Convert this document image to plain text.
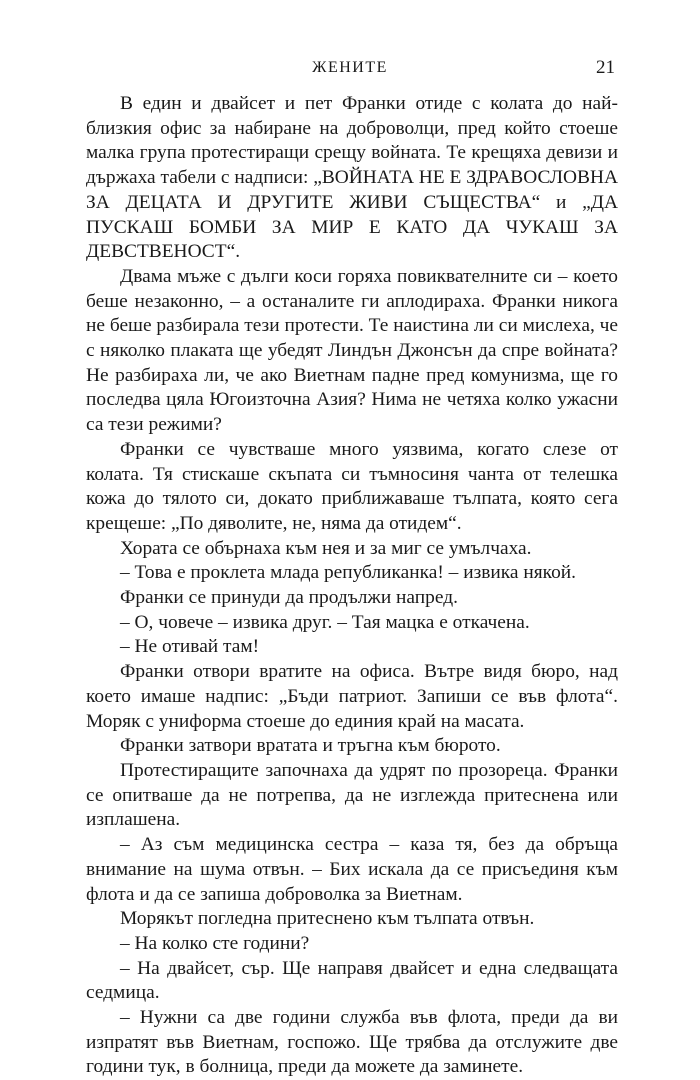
ЖЕНИТЕ	21

В един и двайсет и пет Франки отиде с колата до най-близкия офис за набиране на доброволци, пред който стоеше малка група протестиращи срещу войната. Те крещяха девизи и държаха табели с надписи: „ВОЙНАТА НЕ Е ЗДРАВОСЛОВНА ЗА ДЕЦАТА И ДРУГИТЕ ЖИВИ СЪЩЕСТВА“ и „ДА ПУСКАШ БОМБИ ЗА МИР Е КАТО ДА ЧУКАШ ЗА ДЕВСТВЕНОСТ“.

Двама мъже с дълги коси горяха повиквателните си – което беше незаконно, – а останалите ги аплодираха. Франки никога не беше разбирала тези протести. Те наистина ли си мислеха, че с няколко плаката ще убедят Линдън Джонсън да спре войната? Не разбираха ли, че ако Виетнам падне пред комунизма, ще го последва цяла Югоизточна Азия? Нима не четяха колко ужасни са тези режими?

Франки се чувстваше много уязвима, когато слезе от колата. Тя стискаше скъпата си тъмносиня чанта от телешка кожа до тялото си, докато приближаваше тълпата, която сега крещеше: „По дяволите, не, няма да отидем“.

Хората се обърнаха към нея и за миг се умълчаха.

– Това е проклета млада републиканка! – извика някой.

Франки се принуди да продължи напред.

– О, човече – извика друг. – Тая мацка е откачена.

– Не отивай там!

Франки отвори вратите на офиса. Вътре видя бюро, над което имаше надпис: „Бъди патриот. Запиши се във флота“. Моряк с униформа стоеше до единия край на масата.

Франки затвори вратата и тръгна към бюрото.

Протестиращите започнаха да удрят по прозореца. Франки се опитваше да не потрепва, да не изглежда притеснена или изплашена.

– Аз съм медицинска сестра – каза тя, без да обръща внимание на шума отвън. – Бих искала да се присъединя към флота и да се запиша доброволка за Виетнам.

Морякът погледна притеснено към тълпата отвън.

– На колко сте години?

– На двайсет, сър. Ще направя двайсет и една следващата седмица.

– Нужни са две години служба във флота, преди да ви изпратят във Виетнам, госпожо. Ще трябва да отслужите две години тук, в болница, преди да можете да заминете.
